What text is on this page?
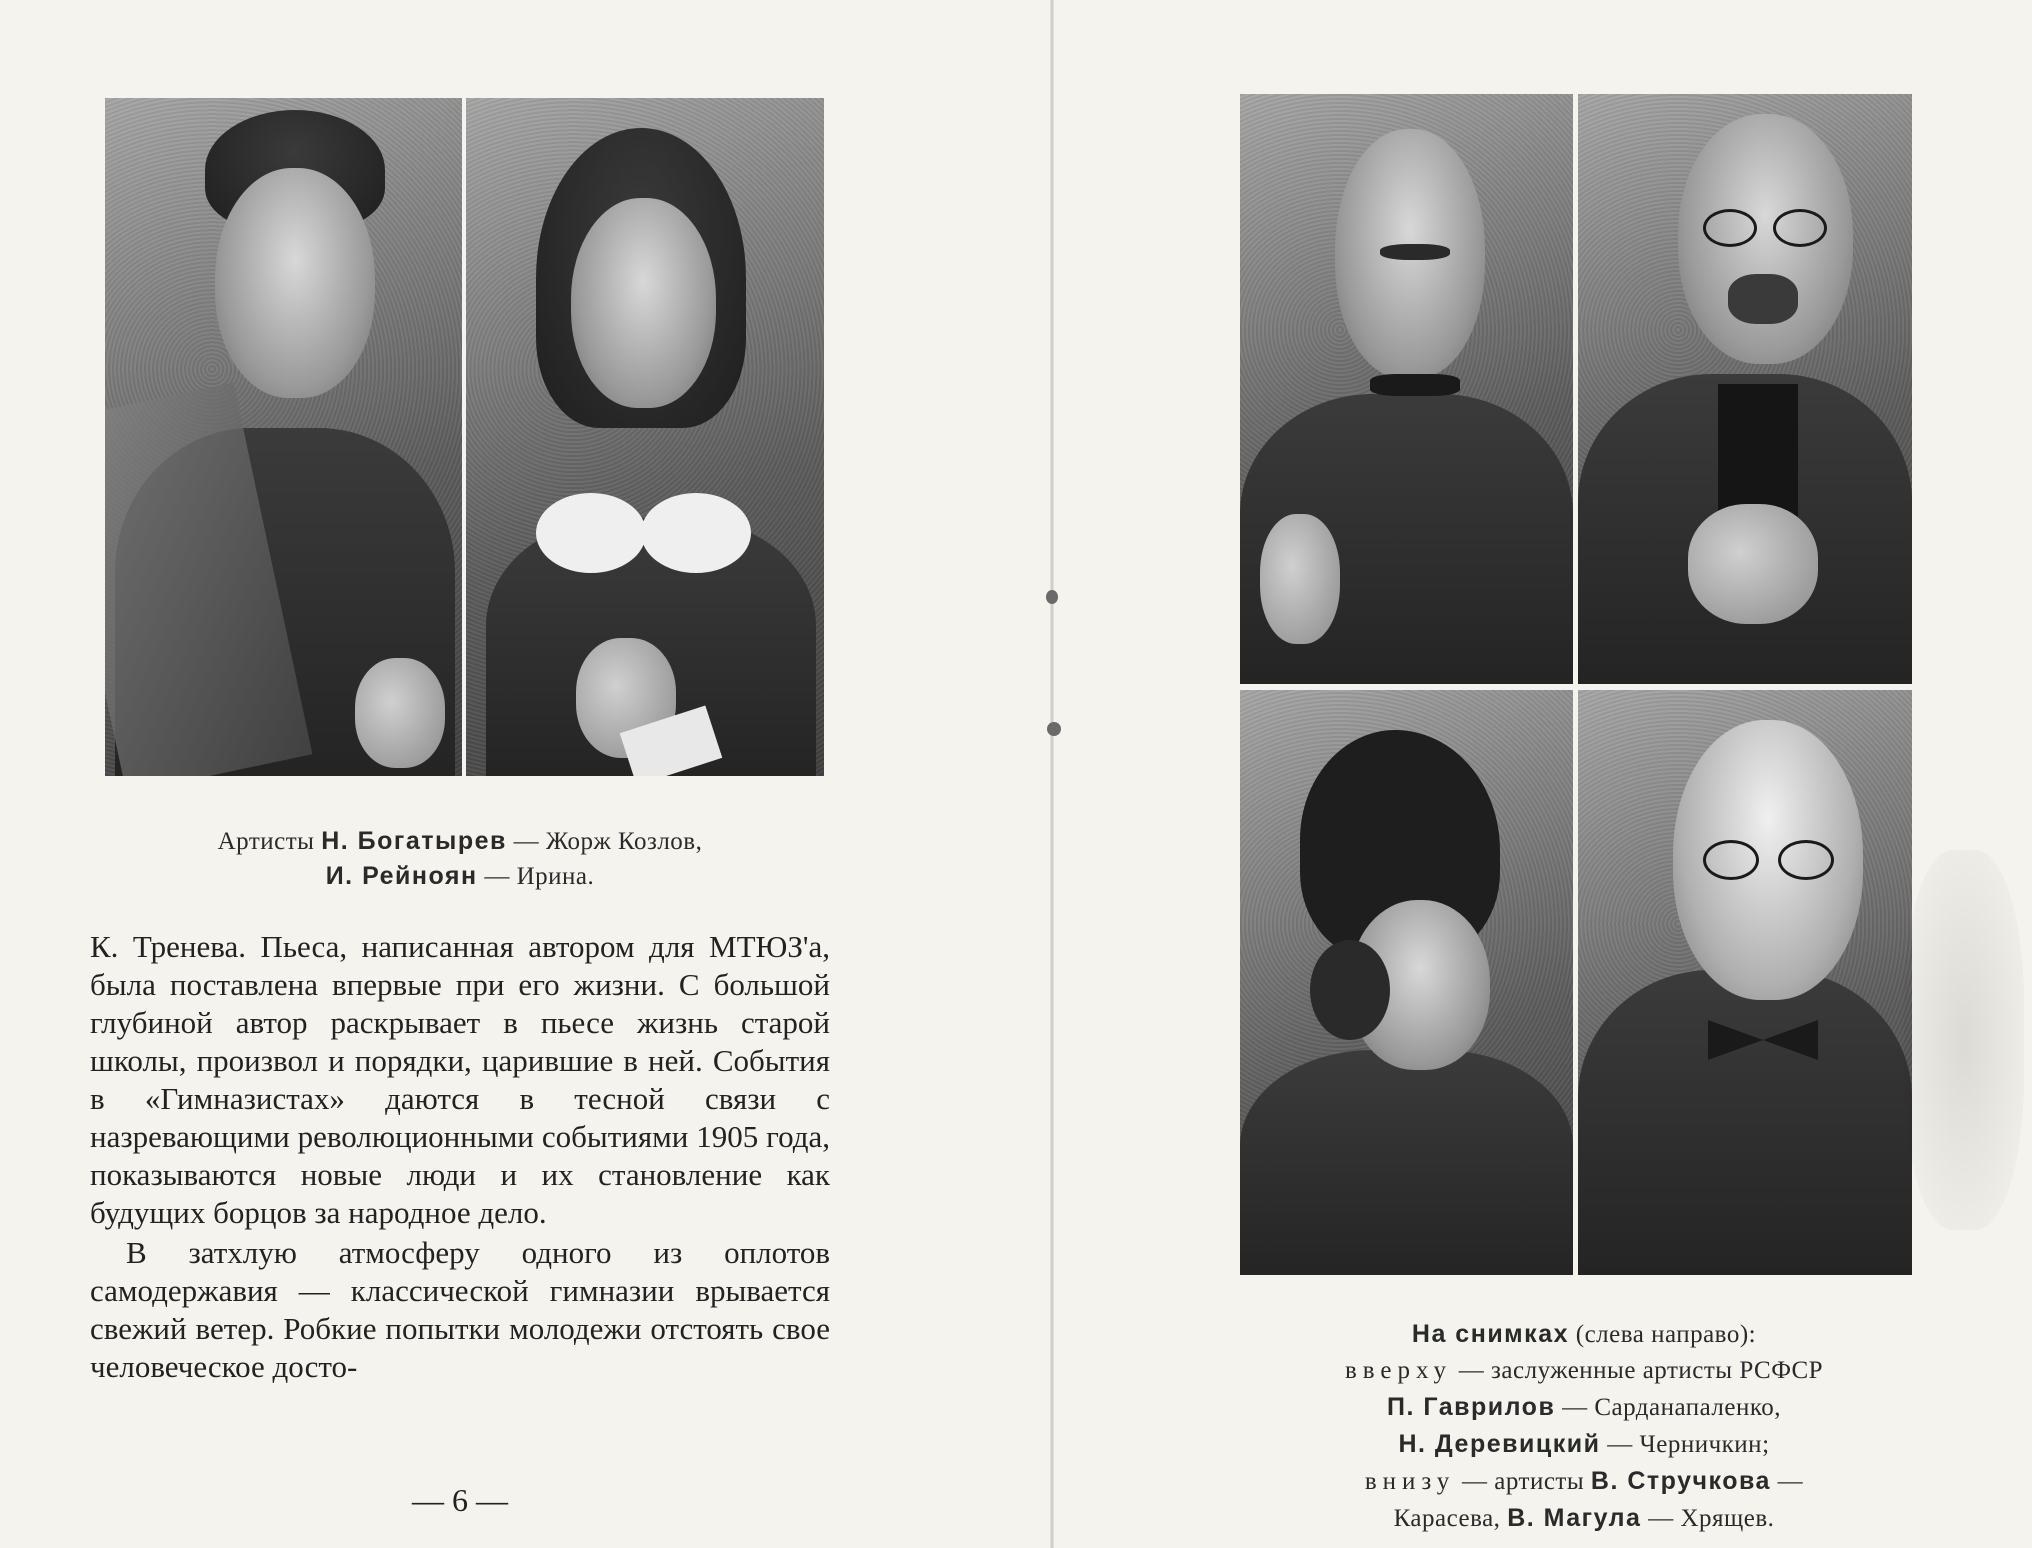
Артисты Н. Богатырев — Жорж Козлов,
И. Рейноян — Ирина.

К. Тренева. Пьеса, написанная автором для МТЮЗ'а, была поставлена впервые при его жизни. С большой глубиной автор раскрывает в пьесе жизнь старой школы, произвол и порядки, царившие в ней. События в «Гимназистах» даются в тесной связи с назревающими революционными событиями 1905 года, показываются новые люди и их становление как будущих борцов за народное дело.

В затхлую атмосферу одного из оплотов самодержавия — классической гимназии врывается свежий ветер. Робкие попытки молодежи отстоять свое человеческое досто-

— 6 —
На снимках (слева направо):
вверху — заслуженные артисты РСФСР
П. Гаврилов — Сарданапаленко,
Н. Деревицкий — Черничкин;
внизу — артисты В. Стручкова —
Карасева, В. Магула — Хрящев.
